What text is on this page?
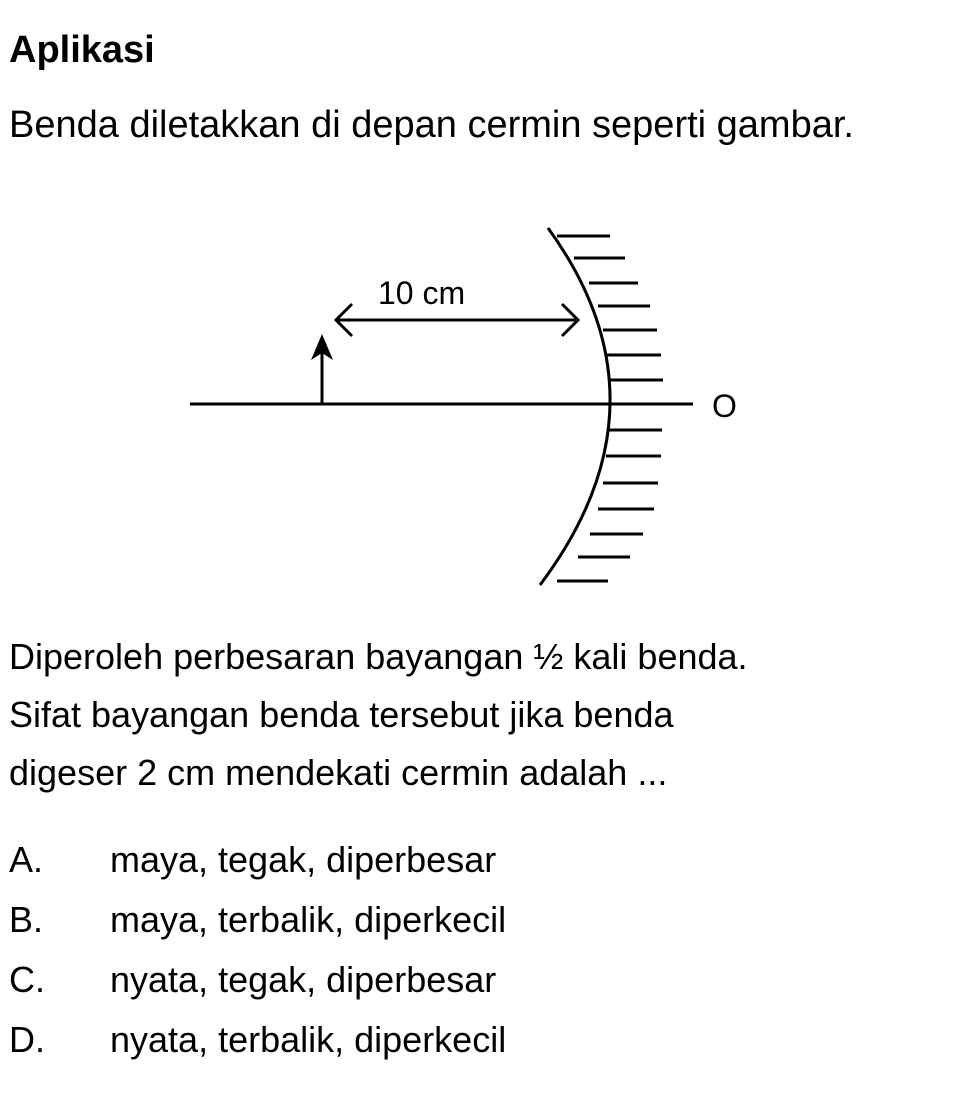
Aplikasi
Benda diletakkan di depan cermin seperti gambar.
10 cm
O
Diperoleh perbesaran bayangan ½ kali benda.
Sifat bayangan benda tersebut jika benda
digeser 2 cm mendekati cermin adalah ...
A.	maya, tegak, diperbesar
B.	maya, terbalik, diperkecil
C.	nyata, tegak, diperbesar
D.	nyata, terbalik, diperkecil
